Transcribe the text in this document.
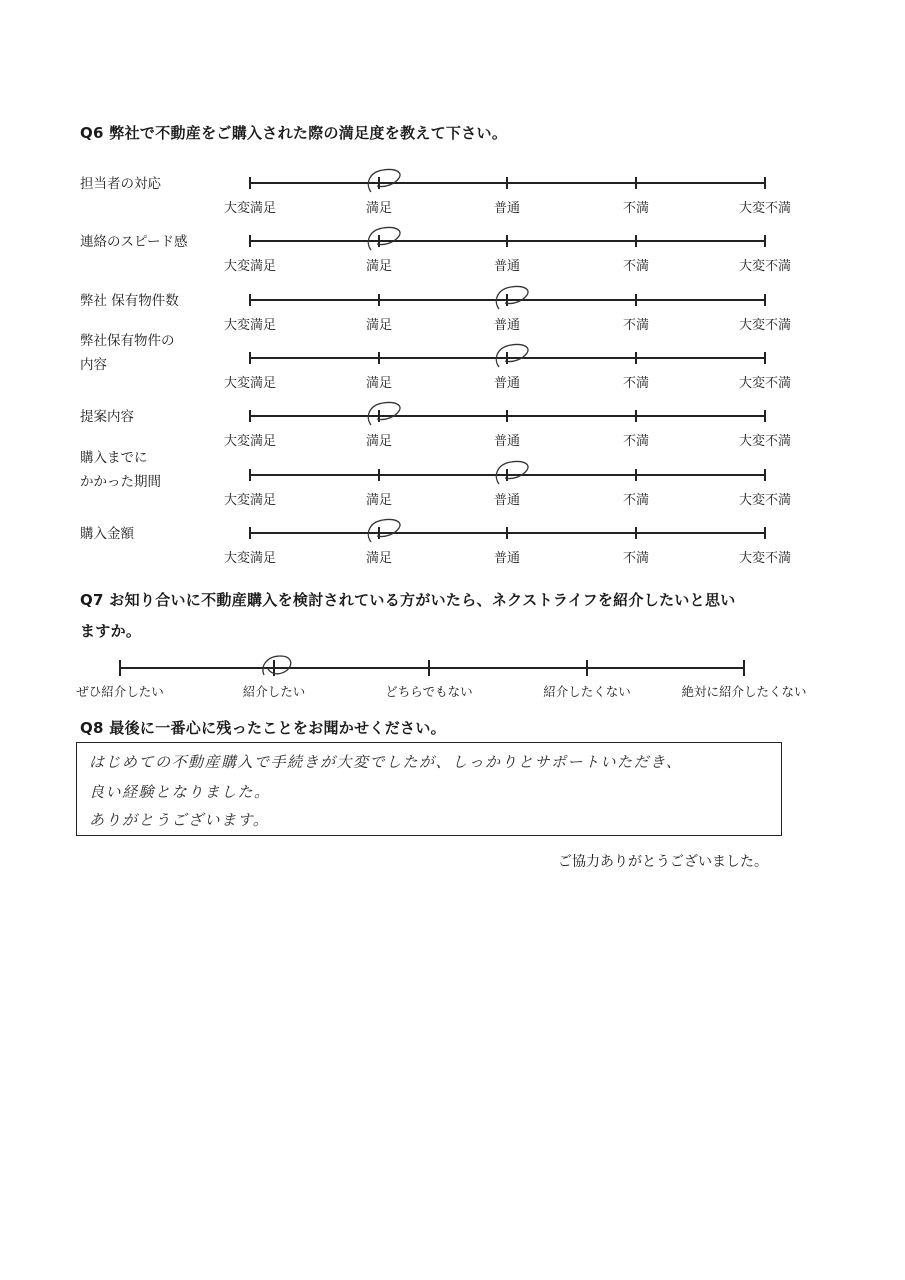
Q6 弊社で不動産をご購入された際の満足度を教えて下さい。
担当者の対応
大変満足	満足	普通	不満	大変不満
連絡のスピード感
大変満足	満足	普通	不満	大変不満
弊社 保有物件数
大変満足	満足	普通	不満	大変不満
弊社保有物件の
内容
大変満足	満足	普通	不満	大変不満
提案内容
大変満足	満足	普通	不満	大変不満
購入までに
かかった期間
大変満足	満足	普通	不満	大変不満
購入金額
大変満足	満足	普通	不満	大変不満
Q7 お知り合いに不動産購入を検討されている方がいたら、ネクストライフを紹介したいと思い
ますか。
ぜひ紹介したい	紹介したい	どちらでもない	紹介したくない	絶対に紹介したくない
Q8 最後に一番心に残ったことをお聞かせください。
はじめての不動産購入で手続きが大変でしたが、しっかりとサポートいただき、
良い経験となりました。
ありがとうございます。
ご協力ありがとうございました。
